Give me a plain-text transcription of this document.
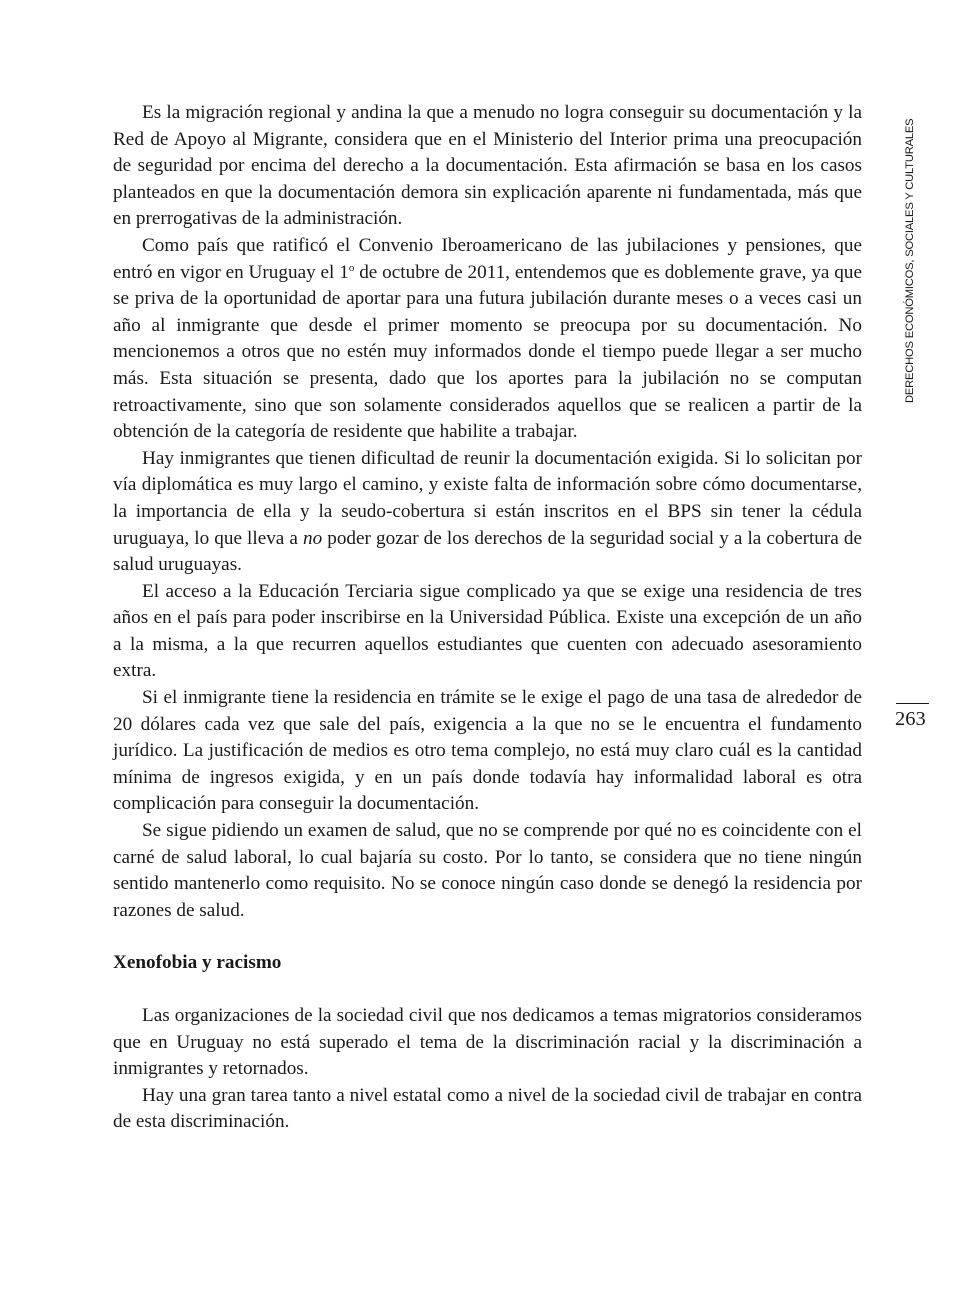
Es la migración regional y andina la que a menudo no logra conseguir su documentación y la Red de Apoyo al Migrante, considera que en el Ministerio del Interior prima una preocupación de seguridad por encima del derecho a la documentación. Esta afirmación se basa en los casos planteados en que la documentación demora sin explicación aparente ni fundamentada, más que en prerrogativas de la administración.

Como país que ratificó el Convenio Iberoamericano de las jubilaciones y pensiones, que entró en vigor en Uruguay el 1$^o$ de octubre de 2011, entendemos que es doblemente grave, ya que se priva de la oportunidad de aportar para una futura jubilación durante meses o a veces casi un año al inmigrante que desde el primer momento se preocupa por su documentación. No mencionemos a otros que no estén muy informados donde el tiempo puede llegar a ser mucho más. Esta situación se presenta, dado que los aportes para la jubilación no se computan retroactivamente, sino que son solamente considerados aquellos que se realicen a partir de la obtención de la categoría de residente que habilite a trabajar.

Hay inmigrantes que tienen dificultad de reunir la documentación exigida. Si lo solicitan por vía diplomática es muy largo el camino, y existe falta de información sobre cómo documentarse, la importancia de ella y la seudo-cobertura si están inscritos en el BPS sin tener la cédula uruguaya, lo que lleva a no poder gozar de los derechos de la seguridad social y a la cobertura de salud uruguayas.

El acceso a la Educación Terciaria sigue complicado ya que se exige una residencia de tres años en el país para poder inscribirse en la Universidad Pública. Existe una excepción de un año a la misma, a la que recurren aquellos estudiantes que cuenten con adecuado asesoramiento extra.

Si el inmigrante tiene la residencia en trámite se le exige el pago de una tasa de alrededor de 20 dólares cada vez que sale del país, exigencia a la que no se le encuentra el fundamento jurídico. La justificación de medios es otro tema complejo, no está muy claro cuál es la cantidad mínima de ingresos exigida, y en un país donde todavía hay informalidad laboral es otra complicación para conseguir la documentación.

Se sigue pidiendo un examen de salud, que no se comprende por qué no es coincidente con el carné de salud laboral, lo cual bajaría su costo. Por lo tanto, se considera que no tiene ningún sentido mantenerlo como requisito. No se conoce ningún caso donde se denegó la residencia por razones de salud.

Xenofobia y racismo

Las organizaciones de la sociedad civil que nos dedicamos a temas migratorios consideramos que en Uruguay no está superado el tema de la discriminación racial y la discriminación a inmigrantes y retornados.

Hay una gran tarea tanto a nivel estatal como a nivel de la sociedad civil de trabajar en contra de esta discriminación.

DERECHOS ECONÓMICOS, SOCIALES Y CULTURALES
263
